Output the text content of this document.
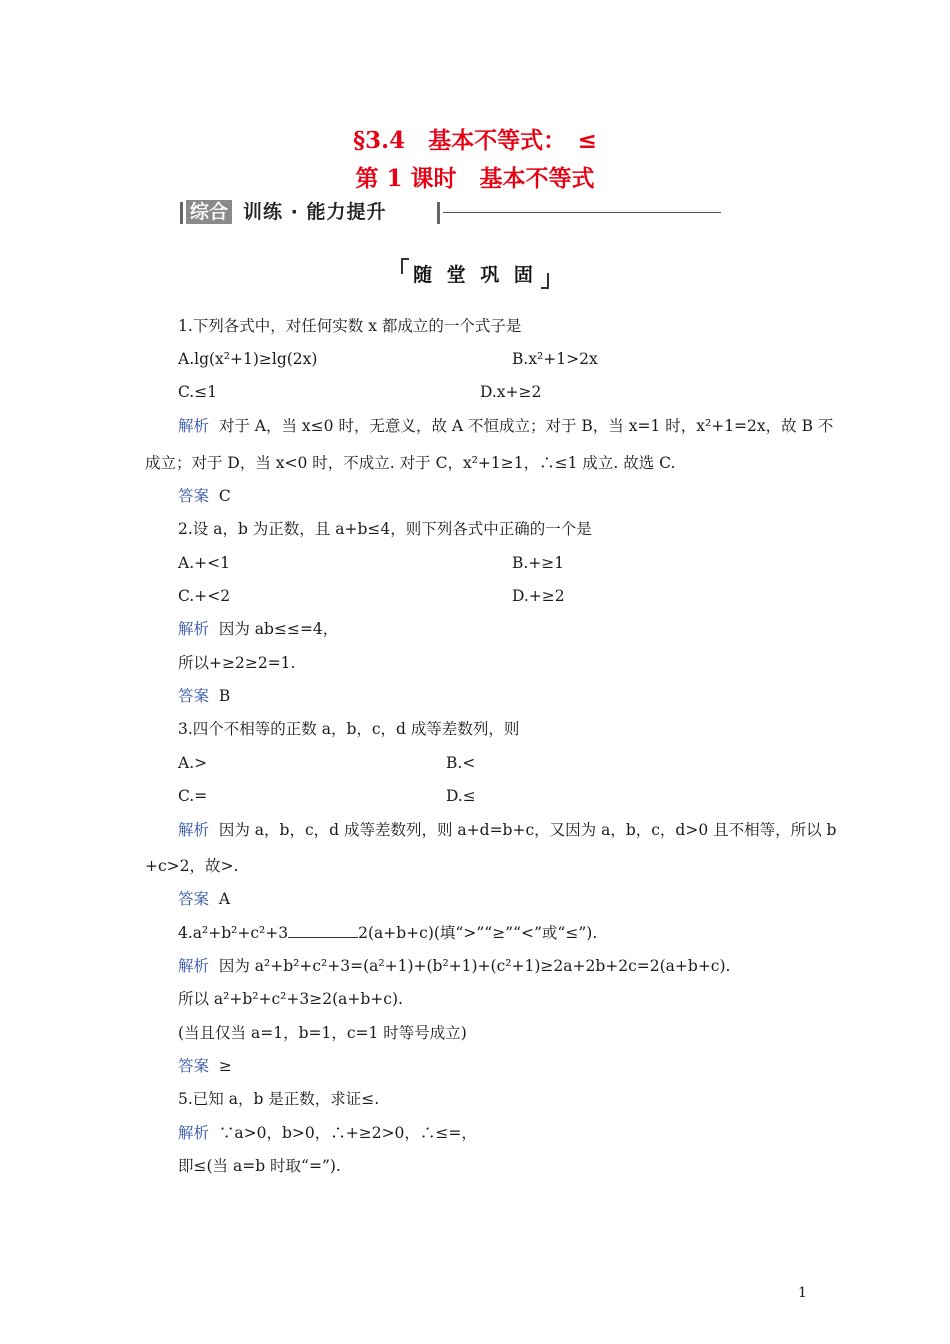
§3.4　基本不等式：　≤
第 1 课时　基本不等式
综合 训练 · 能力提升
随 堂 巩 固
1.下列各式中，对任何实数 x 都成立的一个式子是
A.lg(x²+1)≥lg(2x)	B.x²+1>2x
C.≤1	D.x+≥2
解析 对于 A，当 x≤0 时，无意义，故 A 不恒成立；对于 B，当 x=1 时，x²+1=2x，故 B 不
成立；对于 D，当 x<0 时，不成立. 对于 C，x²+1≥1，∴≤1 成立. 故选 C.
答案 C
2.设 a，b 为正数，且 a+b≤4，则下列各式中正确的一个是
A.+<1	B.+≥1
C.+<2	D.+≥2
解析 因为 ab≤≤=4，
所以+≥2≥2=1.
答案 B
3.四个不相等的正数 a，b，c，d 成等差数列，则
A.>	B.<
C.=	D.≤
解析 因为 a，b，c，d 成等差数列，则 a+d=b+c，又因为 a，b，c，d>0 且不相等，所以 b
+c>2，故>.
答案 A
4.a²+b²+c²+3	2(a+b+c)(填“>”“≥”“<”或“≤”).
解析 因为 a²+b²+c²+3=(a²+1)+(b²+1)+(c²+1)≥2a+2b+2c=2(a+b+c).
所以 a²+b²+c²+3≥2(a+b+c).
(当且仅当 a=1，b=1，c=1 时等号成立)
答案 ≥
5.已知 a，b 是正数，求证≤.
解析 ∵a>0，b>0，∴+≥2>0，∴≤=，
即≤(当 a=b 时取“=”).
1
